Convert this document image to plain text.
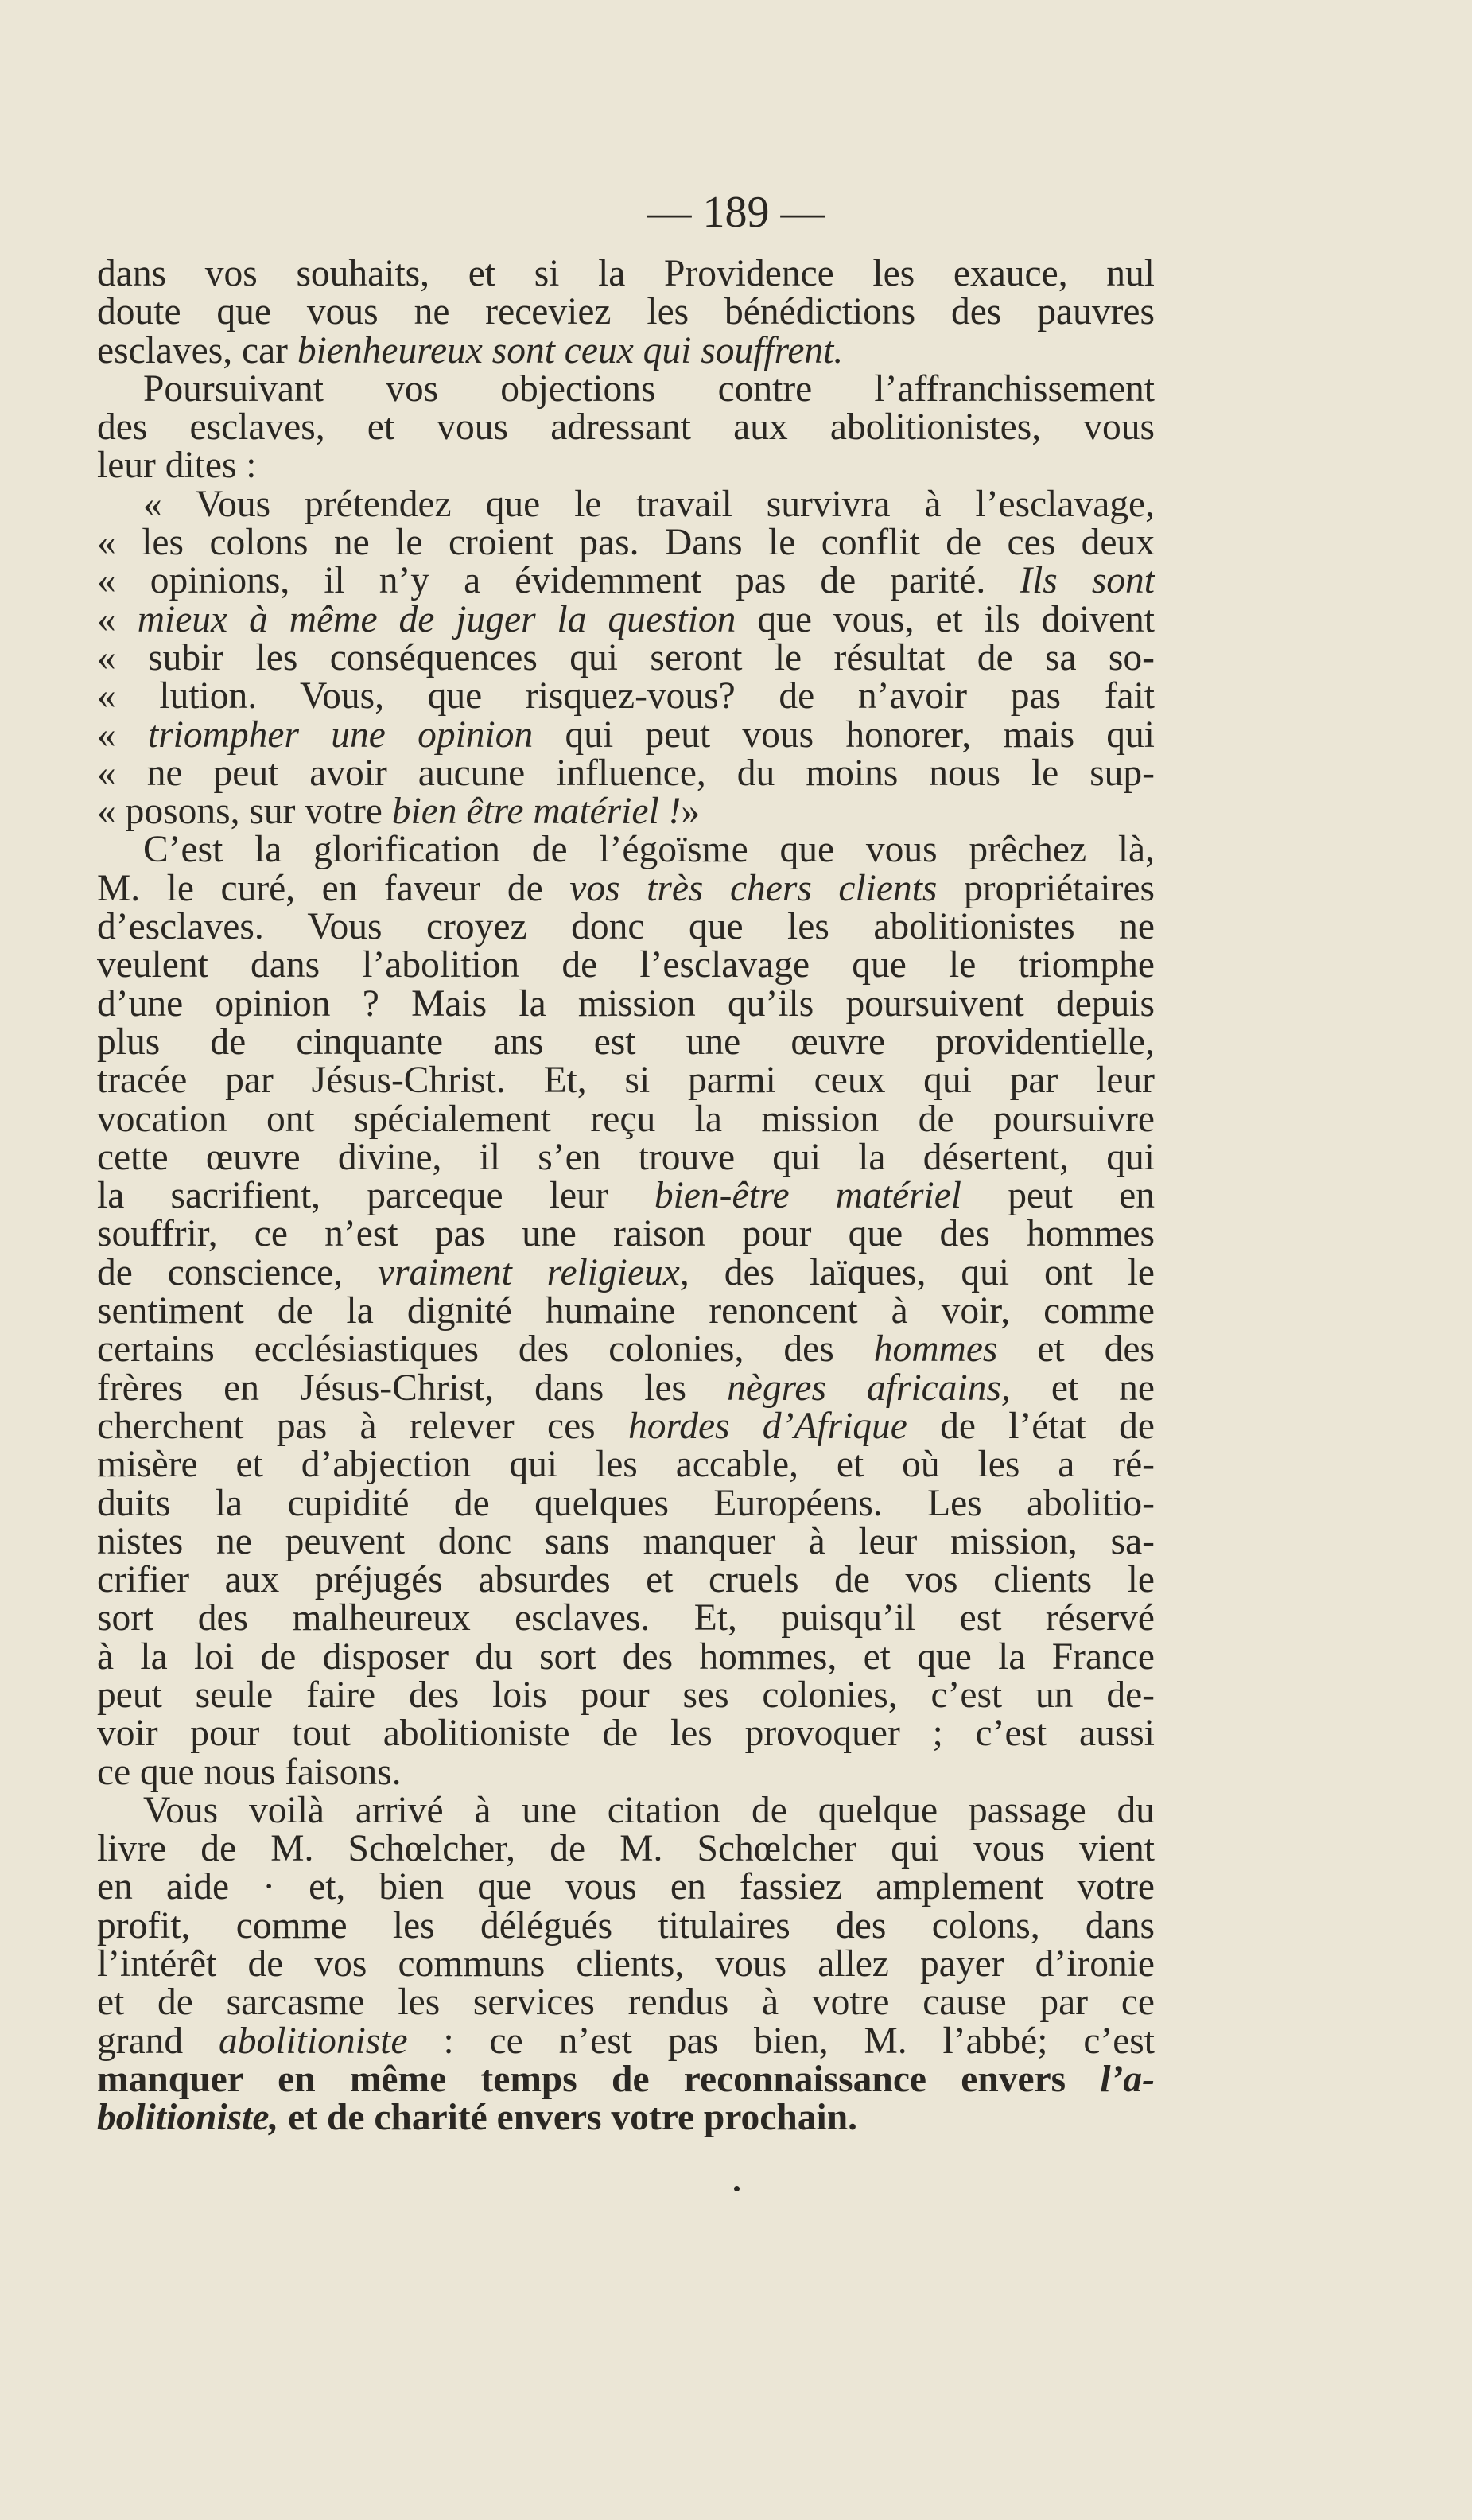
— 189 —
dans vos souhaits, et si la Providence les exauce, nul
doute que vous ne receviez les bénédictions des pauvres
esclaves, car bienheureux sont ceux qui souffrent.
Poursuivant vos objections contre l’affranchissement
des esclaves, et vous adressant aux abolitionistes, vous
leur dites :
« Vous prétendez que le travail survivra à l’esclavage,
« les colons ne le croient pas. Dans le conflit de ces deux
« opinions, il n’y a évidemment pas de parité. Ils sont
« mieux à même de juger la question que vous, et ils doivent
« subir les conséquences qui seront le résultat de sa so-
« lution. Vous, que risquez-vous? de n’avoir pas fait
« triompher une opinion qui peut vous honorer, mais qui
« ne peut avoir aucune influence, du moins nous le sup-
« posons, sur votre bien être matériel !»
C’est la glorification de l’égoïsme que vous prêchez là,
M. le curé, en faveur de vos très chers clients propriétaires
d’esclaves. Vous croyez donc que les abolitionistes ne
veulent dans l’abolition de l’esclavage que le triomphe
d’une opinion ? Mais la mission qu’ils poursuivent depuis
plus de cinquante ans est une œuvre providentielle,
tracée par Jésus-Christ. Et, si parmi ceux qui par leur
vocation ont spécialement reçu la mission de poursuivre
cette œuvre divine, il s’en trouve qui la désertent, qui
la sacrifient, parceque leur bien-être matériel peut en
souffrir, ce n’est pas une raison pour que des hommes
de conscience, vraiment religieux, des laïques, qui ont le
sentiment de la dignité humaine renoncent à voir, comme
certains ecclésiastiques des colonies, des hommes et des
frères en Jésus-Christ, dans les nègres africains, et ne
cherchent pas à relever ces hordes d’Afrique de l’état de
misère et d’abjection qui les accable, et où les a ré-
duits la cupidité de quelques Européens. Les abolitio-
nistes ne peuvent donc sans manquer à leur mission, sa-
crifier aux préjugés absurdes et cruels de vos clients le
sort des malheureux esclaves. Et, puisqu’il est réservé
à la loi de disposer du sort des hommes, et que la France
peut seule faire des lois pour ses colonies, c’est un de-
voir pour tout abolitioniste de les provoquer ; c’est aussi
ce que nous faisons.
Vous voilà arrivé à une citation de quelque passage du
livre de M. Schœlcher, de M. Schœlcher qui vous vient
en aide · et, bien que vous en fassiez amplement votre
profit, comme les délégués titulaires des colons, dans
l’intérêt de vos communs clients, vous allez payer d’ironie
et de sarcasme les services rendus à votre cause par ce
grand abolitioniste : ce n’est pas bien, M. l’abbé; c’est
manquer en même temps de reconnaissance envers l’a-
bolitioniste, et de charité envers votre prochain.
